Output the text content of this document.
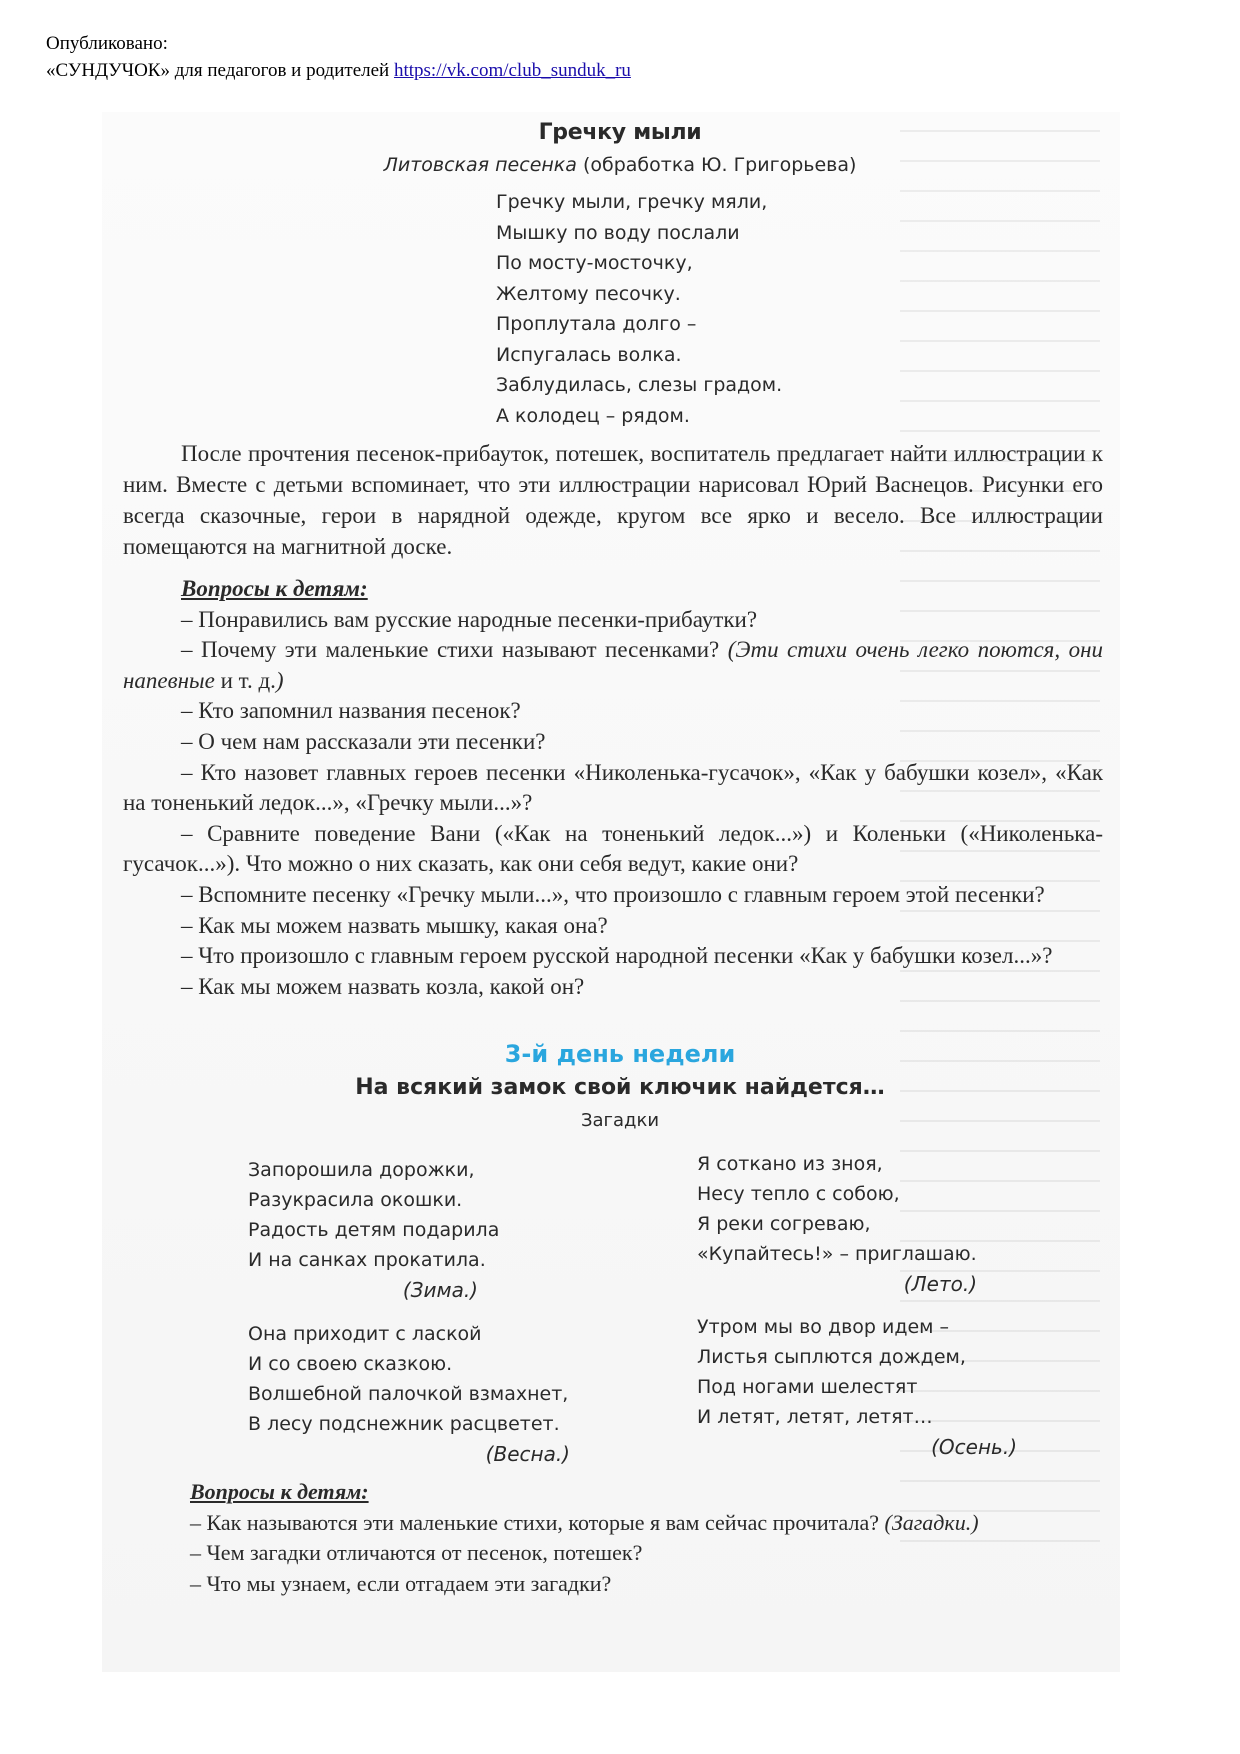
Опубликовано:
«СУНДУЧОК» для педагогов и родителей https://vk.com/club_sunduk_ru
Гречку мыли
Литовская песенка (обработка Ю. Григорьева)
Гречку мыли, гречку мяли,
Мышку по воду послали
По мосту-мосточку,
Желтому песочку.
Проплутала долго –
Испугалась волка.
Заблудилась, слезы градом.
А колодец – рядом.
После прочтения песенок-прибауток, потешек, воспитатель предлагает найти иллюстрации к ним. Вместе с детьми вспоминает, что эти иллюстрации нарисовал Юрий Васнецов. Рисунки его всегда сказочные, герои в нарядной одежде, кругом все ярко и весело. Все иллюстрации помещаются на магнитной доске.
Вопросы к детям:
– Понравились вам русские народные песенки-прибаутки?
– Почему эти маленькие стихи называют песенками? (Эти стихи очень легко поются, они напевные и т. д.)
– Кто запомнил названия песенок?
– О чем нам рассказали эти песенки?
– Кто назовет главных героев песенки «Николенька-гусачок», «Как у бабушки козел», «Как на тоненький ледок...», «Гречку мыли...»?
– Сравните поведение Вани («Как на тоненький ледок...») и Коленьки («Николенька-гусачок...»). Что можно о них сказать, как они себя ведут, какие они?
– Вспомните песенку «Гречку мыли...», что произошло с главным героем этой песенки?
– Как мы можем назвать мышку, какая она?
– Что произошло с главным героем русской народной песенки «Как у бабушки козел...»?
– Как мы можем назвать козла, какой он?
3-й день недели
На всякий замок свой ключик найдется…
Загадки
Запорошила дорожки,
Разукрасила окошки.
Радость детям подарила
И на санках прокатила.
(Зима.)
Она приходит с лаской
И со своею сказкою.
Волшебной палочкой взмахнет,
В лесу подснежник расцветет.
(Весна.)
Я соткано из зноя,
Несу тепло с собою,
Я реки согреваю,
«Купайтесь!» – приглашаю.
(Лето.)
Утром мы во двор идем –
Листья сыплются дождем,
Под ногами шелестят
И летят, летят, летят…
(Осень.)
Вопросы к детям:
– Как называются эти маленькие стихи, которые я вам сейчас прочитала? (Загадки.)
– Чем загадки отличаются от песенок, потешек?
– Что мы узнаем, если отгадаем эти загадки?
